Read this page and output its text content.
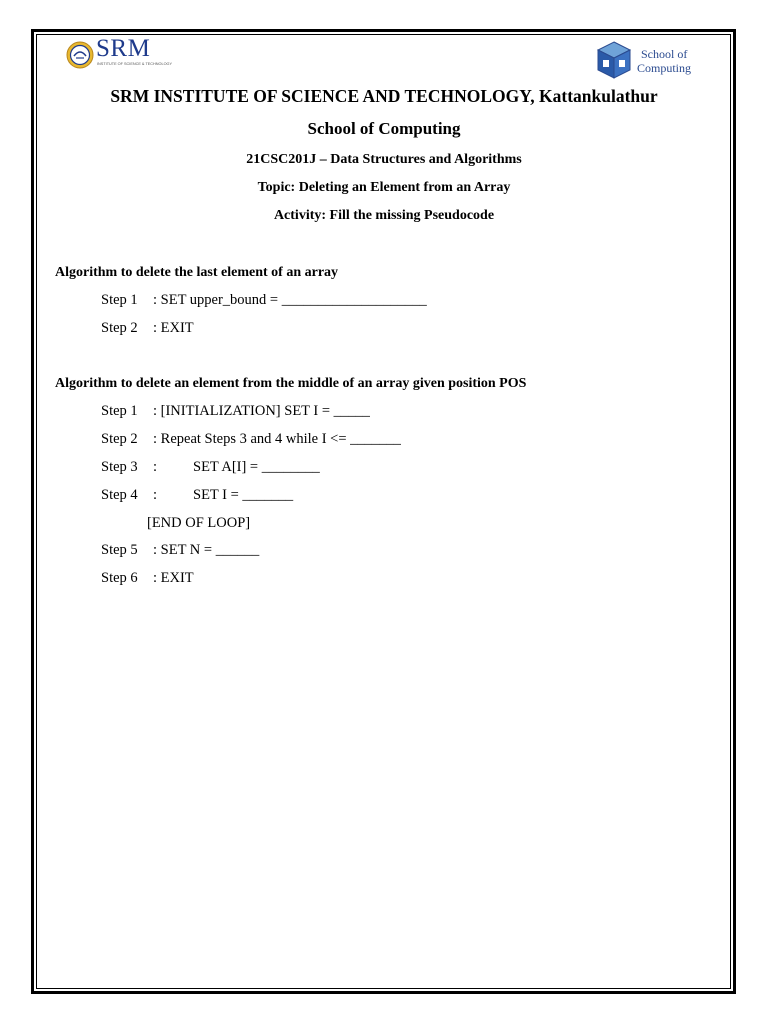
SRM
INSTITUTE OF SCIENCE & TECHNOLOGY
School of
Computing
SRM INSTITUTE OF SCIENCE AND TECHNOLOGY, Kattankulathur
School of Computing
21CSC201J – Data Structures and Algorithms
Topic: Deleting an Element from an Array
Activity: Fill the missing Pseudocode
Algorithm to delete the last element of an array
Step 1 : SET upper_bound = ____________________
Step 2 : EXIT
Algorithm to delete an element from the middle of an array given position POS
Step 1 : [INITIALIZATION] SET I = _____
Step 2 : Repeat Steps 3 and 4 while I <= _______
Step 3 : SET A[I] = ________
Step 4 : SET I = _______
[END OF LOOP]
Step 5 : SET N = ______
Step 6 : EXIT
